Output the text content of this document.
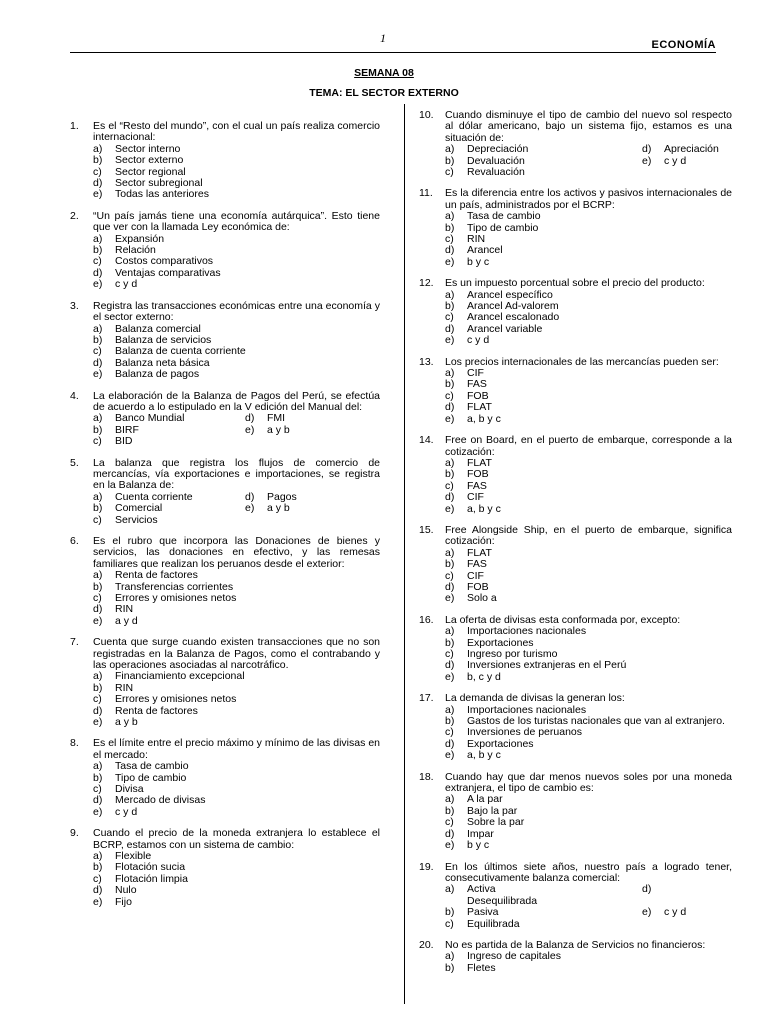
1	ECONOMÍA
SEMANA 08
TEMA: EL SECTOR EXTERNO
1.	Es el “Resto del mundo”, con el cual un país realiza comercio internacional:
a) Sector interno
b) Sector externo
c) Sector regional
d) Sector subregional
e) Todas las anteriores
2.	“Un país jamás tiene una economía autárquica”. Esto tiene que ver con la llamada Ley económica de:
a) Expansión
b) Relación
c) Costos comparativos
d) Ventajas comparativas
e) c y d
3.	Registra las transacciones económicas entre una economía y el sector externo:
a) Balanza comercial
b) Balanza de servicios
c) Balanza de cuenta corriente
d) Balanza neta básica
e) Balanza de pagos
4.	La elaboración de la Balanza de Pagos del Perú, se efectúa de acuerdo a lo estipulado en la V edición del Manual del:
a) Banco Mundial	d) FMI
b) BIRF	e) a y b
c) BID
5.	La balanza que registra los flujos de comercio de mercancías, vía exportaciones e importaciones, se registra en la Balanza de:
a) Cuenta corriente	d) Pagos
b) Comercial	e) a y b
c) Servicios
6.	Es el rubro que incorpora las Donaciones de bienes y servicios, las donaciones en efectivo, y las remesas familiares que realizan los peruanos desde el exterior:
a) Renta de factores
b) Transferencias corrientes
c) Errores y omisiones netos
d) RIN
e) a y d
7.	Cuenta que surge cuando existen transacciones que no son registradas en la Balanza de Pagos, como el contrabando y las operaciones asociadas al narcotráfico.
a) Financiamiento excepcional
b) RIN
c) Errores y omisiones netos
d) Renta de factores
e) a y b
8.	Es el límite entre el precio máximo y mínimo de las divisas en el mercado:
a) Tasa de cambio
b) Tipo de cambio
c) Divisa
d) Mercado de divisas
e) c y d
9.	Cuando el precio de la moneda extranjera lo establece el BCRP, estamos con un sistema de cambio:
a) Flexible
b) Flotación sucia
c) Flotación limpia
d) Nulo
e) Fijo
10.	Cuando disminuye el tipo de cambio del nuevo sol respecto al dólar americano, bajo un sistema fijo, estamos es una situación de:
a) Depreciación	d) Apreciación
b) Devaluación	e) c y d
c) Revaluación
11.	Es la diferencia entre los activos y pasivos internacionales de un país, administrados por el BCRP:
a) Tasa de cambio
b) Tipo de cambio
c) RIN
d) Arancel
e) b y c
12.	Es un impuesto porcentual sobre el precio del producto:
a) Arancel específico
b) Arancel Ad-valorem
c) Arancel escalonado
d) Arancel variable
e) c y d
13.	Los precios internacionales de las mercancías pueden ser:
a) CIF
b) FAS
c) FOB
d) FLAT
e) a, b y c
14.	Free on Board, en el puerto de embarque, corresponde a la cotización:
a) FLAT
b) FOB
c) FAS
d) CIF
e) a, b y c
15.	Free Alongside Ship, en el puerto de embarque, significa cotización:
a) FLAT
b) FAS
c) CIF
d) FOB
e) Solo a
16.	La oferta de divisas esta conformada por, excepto:
a) Importaciones nacionales
b) Exportaciones
c) Ingreso por turismo
d) Inversiones extranjeras en el Perú
e) b, c y d
17.	La demanda de divisas la generan los:
a) Importaciones nacionales
b) Gastos de los turistas nacionales que van al extranjero.
c) Inversiones de peruanos
d) Exportaciones
e) a, b y c
18.	Cuando hay que dar menos nuevos soles por una moneda extranjera, el tipo de cambio es:
a) A la par
b) Bajo la par
c) Sobre la par
d) Impar
e) b y c
19.	En los últimos siete años, nuestro país a logrado tener, consecutivamente balanza comercial:
a) Activa	d)
Desequilibrada
b) Pasiva	e) c y d
c) Equilibrada
20.	No es partida de la Balanza de Servicios no financieros:
a) Ingreso de capitales
b) Fletes
